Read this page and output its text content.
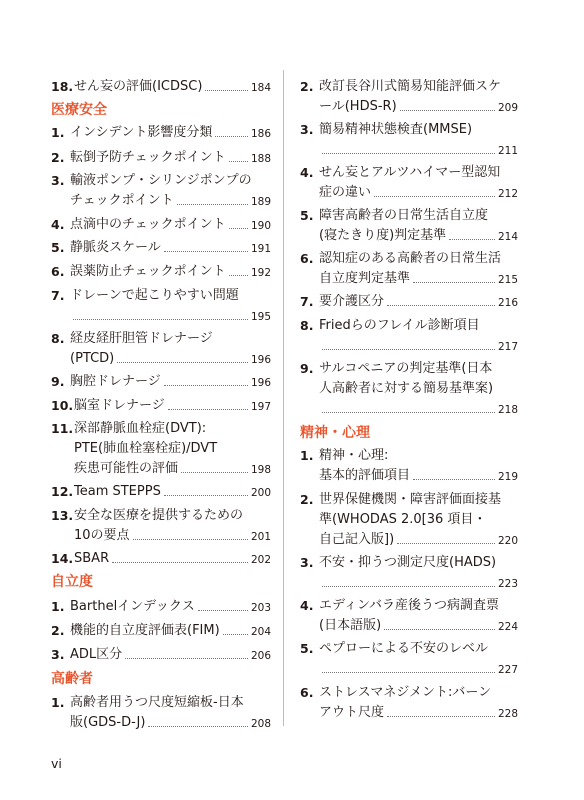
18. せん妄の評価(ICDSC)	184
医療安全
1. インシデント影響度分類	186
2. 転倒予防チェックポイント 188
3. 輸液ポンプ・シリンジポンプの
チェックポイント	189
4. 点滴中のチェックポイント 190
5. 静脈炎スケール	191
6. 誤薬防止チェックポイント 192
7. ドレーンで起こりやすい問題
195
8. 経皮経肝胆管ドレナージ
(PTCD)	196
9. 胸腔ドレナージ	196
10. 脳室ドレナージ	197
11. 深部静脈血栓症(DVT):
PTE(肺血栓塞栓症)/DVT
疾患可能性の評価	198
12. Team STEPPS	200
13. 安全な医療を提供するための
10の要点	201
14. SBAR	202
自立度
1. Barthelインデックス	203
2. 機能的自立度評価表(FIM)	204
3. ADL区分	206
高齢者
1. 高齢者用うつ尺度短縮板-日本
版(GDS-D-J)	208
2. 改訂長谷川式簡易知能評価スケ
ール(HDS-R)	209
3. 簡易精神状態検査(MMSE)
211
4. せん妄とアルツハイマー型認知
症の違い	212
5. 障害高齢者の日常生活自立度
(寝たきり度)判定基準	214
6. 認知症のある高齢者の日常生活
自立度判定基準	215
7. 要介護区分	216
8. Friedらのフレイル診断項目
217
9. サルコペニアの判定基準(日本
人高齢者に対する簡易基準案)
218
精神・心理
1. 精神・心理:
基本的評価項目	219
2. 世界保健機関・障害評価面接基
準(WHODAS 2.0[36 項目・
自己記入版])	220
3. 不安・抑うつ測定尺度(HADS)
223
4. エディンバラ産後うつ病調査票
(日本語版)	224
5. ペプローによる不安のレベル
227
6. ストレスマネジメント:バーン
アウト尺度	228
vi
